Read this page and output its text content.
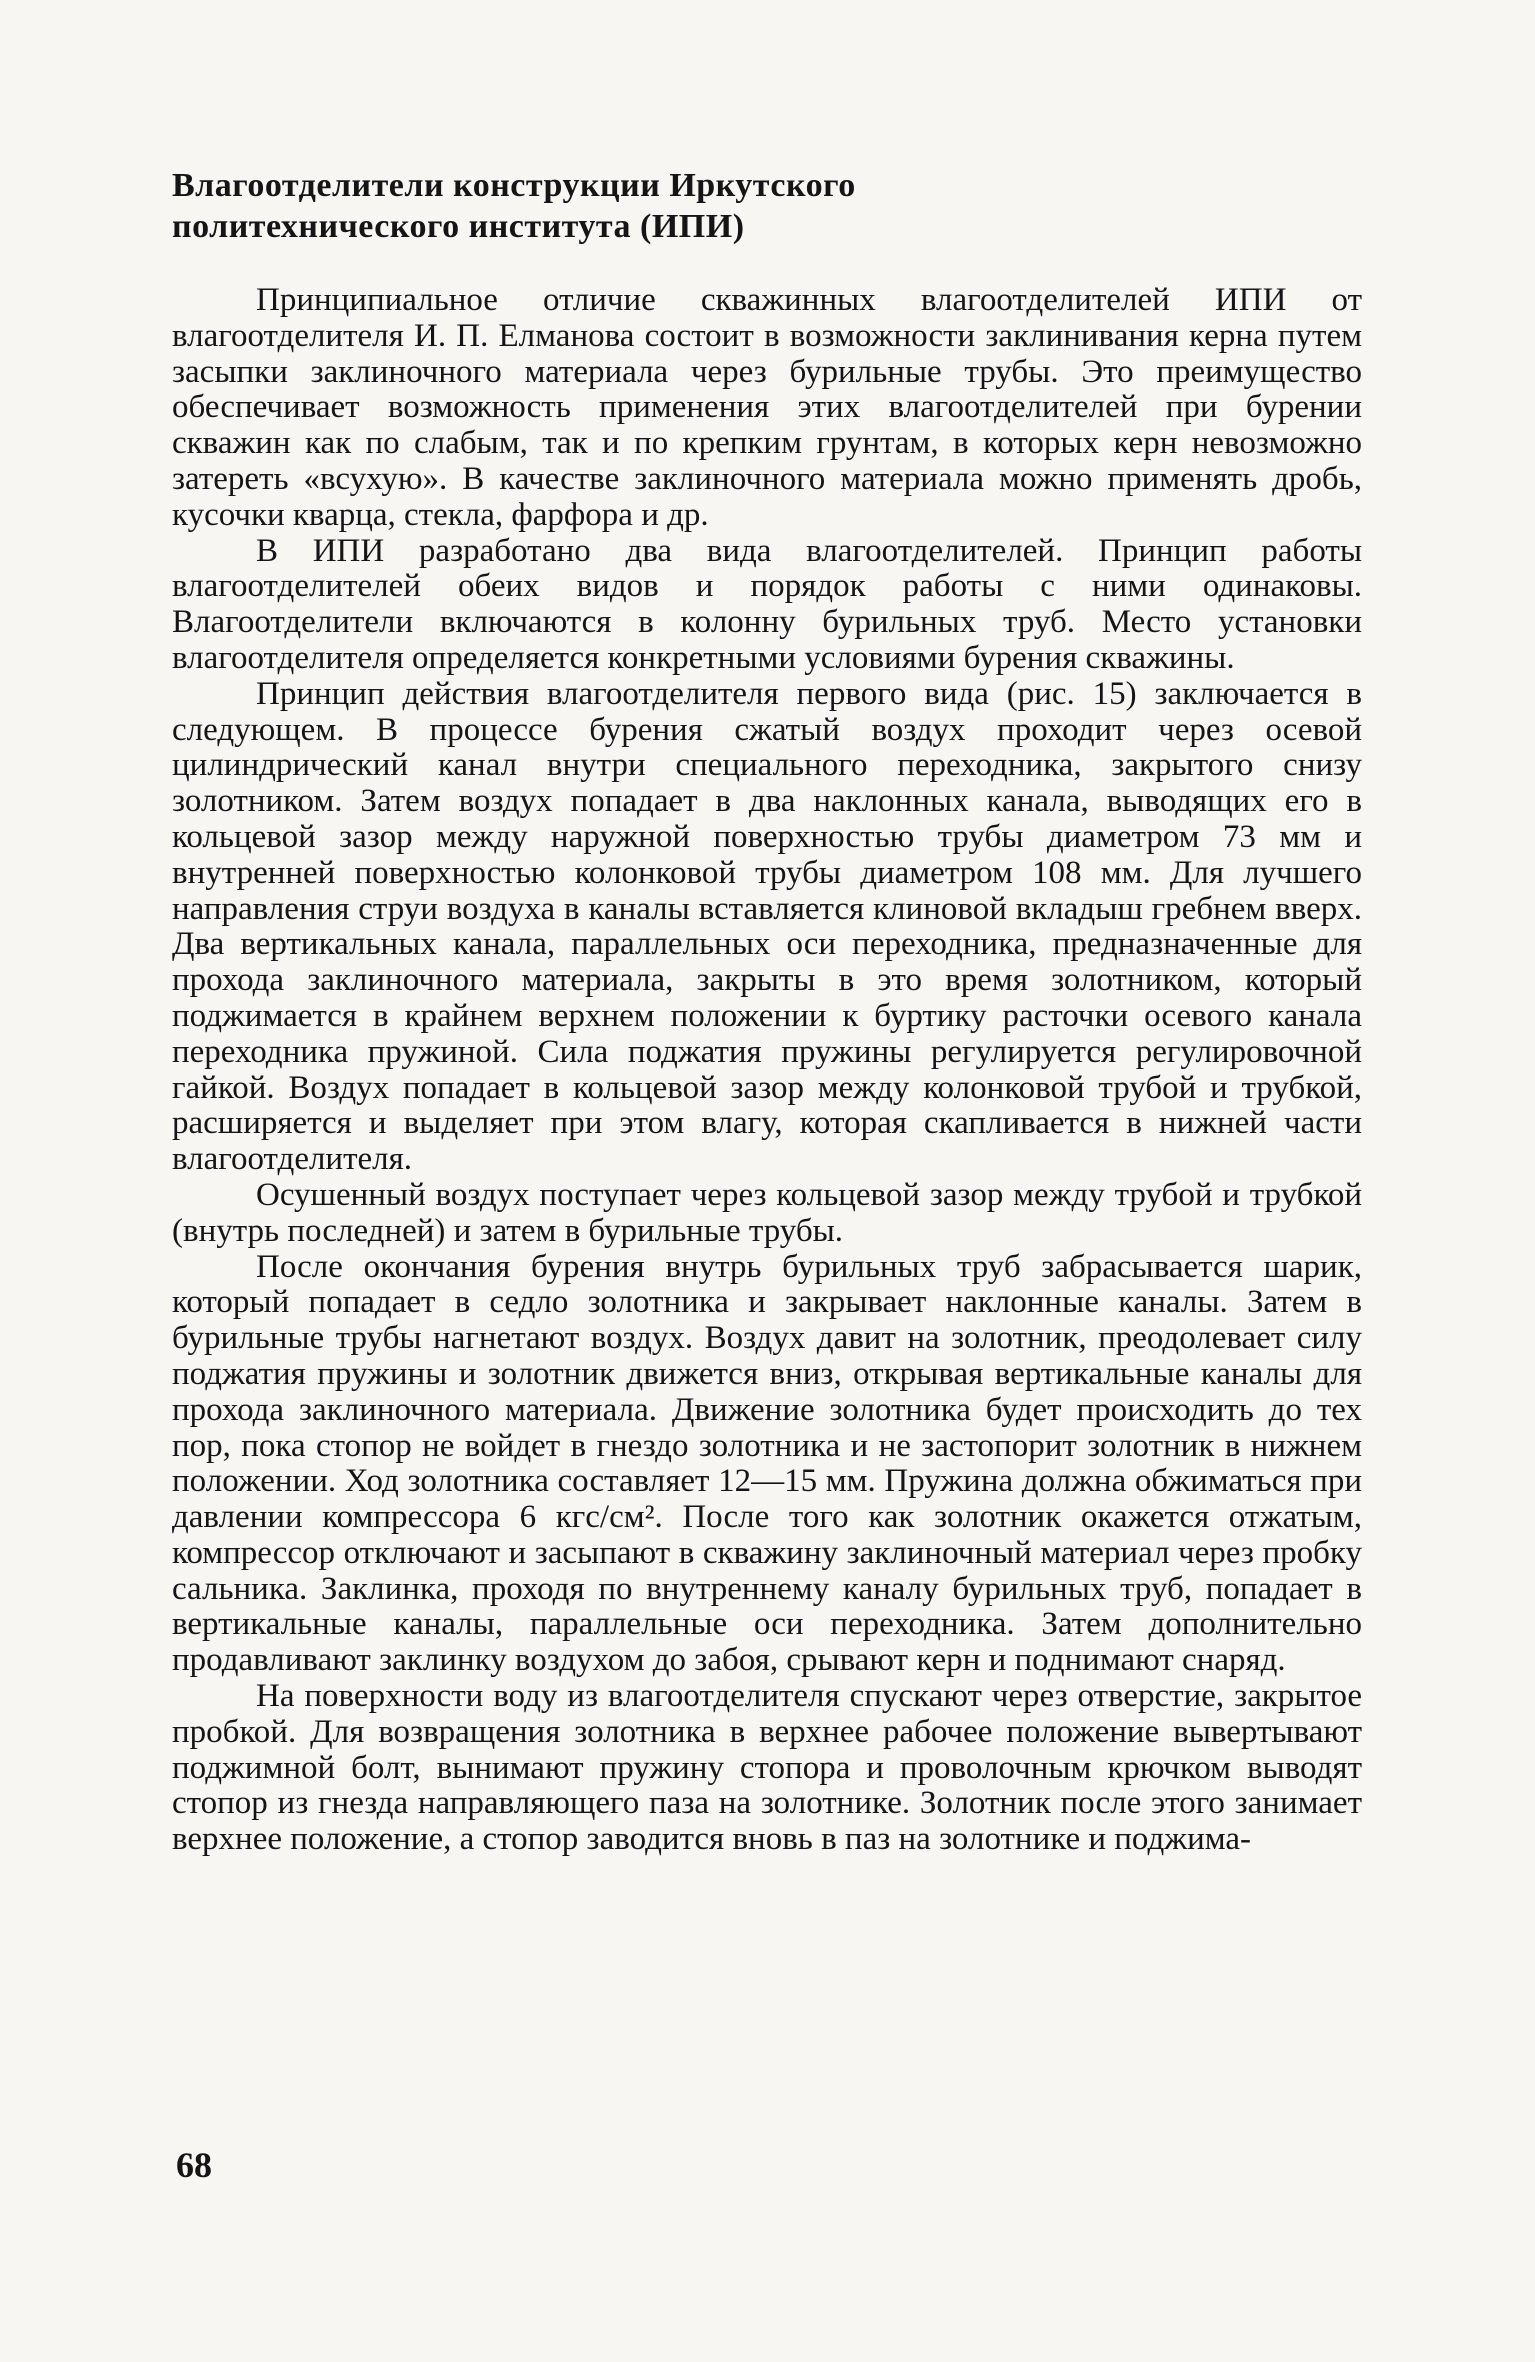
Влагоотделители конструкции Иркутского
политехнического института (ИПИ)

Принципиальное отличие скважинных влагоотделителей ИПИ от влагоотделителя И. П. Елманова состоит в возможности заклинивания керна путем засыпки заклиночного материала через бурильные трубы. Это преимущество обеспечивает возможность применения этих влагоотделителей при бурении скважин как по слабым, так и по крепким грунтам, в которых керн невозможно затереть «всухую». В качестве заклиночного материала можно применять дробь, кусочки кварца, стекла, фарфора и др.

В ИПИ разработано два вида влагоотделителей. Принцип работы влагоотделителей обеих видов и порядок работы с ними одинаковы. Влагоотделители включаются в колонну бурильных труб. Место установки влагоотделителя определяется конкретными условиями бурения скважины.

Принцип действия влагоотделителя первого вида (рис. 15) заключается в следующем. В процессе бурения сжатый воздух проходит через осевой цилиндрический канал внутри специального переходника, закрытого снизу золотником. Затем воздух попадает в два наклонных канала, выводящих его в кольцевой зазор между наружной поверхностью трубы диаметром 73 мм и внутренней поверхностью колонковой трубы диаметром 108 мм. Для лучшего направления струи воздуха в каналы вставляется клиновой вкладыш гребнем вверх. Два вертикальных канала, параллельных оси переходника, предназначенные для прохода заклиночного материала, закрыты в это время золотником, который поджимается в крайнем верхнем положении к буртику расточки осевого канала переходника пружиной. Сила поджатия пружины регулируется регулировочной гайкой. Воздух попадает в кольцевой зазор между колонковой трубой и трубкой, расширяется и выделяет при этом влагу, которая скапливается в нижней части влагоотделителя.

Осушенный воздух поступает через кольцевой зазор между трубой и трубкой (внутрь последней) и затем в бурильные трубы.

После окончания бурения внутрь бурильных труб забрасывается шарик, который попадает в седло золотника и закрывает наклонные каналы. Затем в бурильные трубы нагнетают воздух. Воздух давит на золотник, преодолевает силу поджатия пружины и золотник движется вниз, открывая вертикальные каналы для прохода заклиночного материала. Движение золотника будет происходить до тех пор, пока стопор не войдет в гнездо золотника и не застопорит золотник в нижнем положении. Ход золотника составляет 12—15 мм. Пружина должна обжиматься при давлении компрессора 6 кгс/см². После того как золотник окажется отжатым, компрессор отключают и засыпают в скважину заклиночный материал через пробку сальника. Заклинка, проходя по внутреннему каналу бурильных труб, попадает в вертикальные каналы, параллельные оси переходника. Затем дополнительно продавливают заклинку воздухом до забоя, срывают керн и поднимают снаряд.

На поверхности воду из влагоотделителя спускают через отверстие, закрытое пробкой. Для возвращения золотника в верхнее рабочее положение вывертывают поджимной болт, вынимают пружину стопора и проволочным крючком выводят стопор из гнезда направляющего паза на золотнике. Золотник после этого занимает верхнее положение, а стопор заводится вновь в паз на золотнике и поджима-

68
